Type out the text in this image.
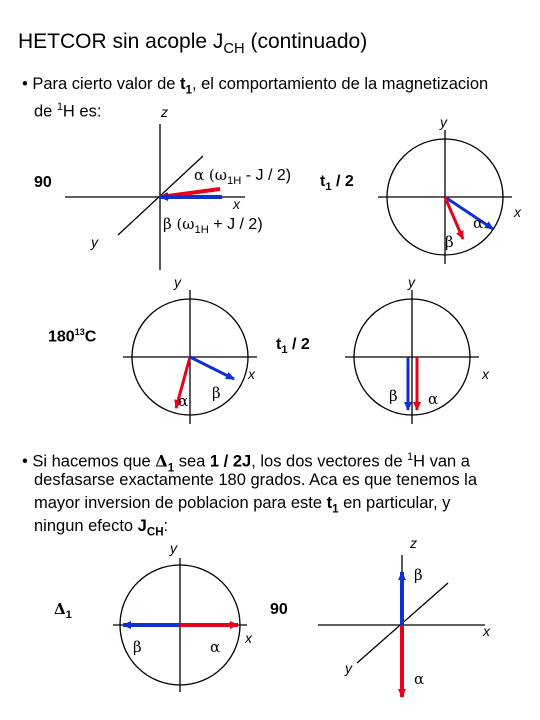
HETCOR sin acople $J_{CH}$ (continuado)
• Para cierto valor de $t_1$, el comportamiento de la magnetizacion
de $^1$H es:	z
x
y
90	α ($\omega_{1H}$ - J / 2)
β $(\omega_{1H} + J / 2)$
$t_1 / 2$
y
x
α
β
y
x
$180^{13}C$
α β
$t_1 / 2$
y
x
β α
• Si hacemos que $\Delta_1$ sea 1 / 2J, los dos vectores de $^1$H van a
desfasarse exactamente 180 grados. Aca es que tenemos la
mayor inversion de poblacion para este $t_1$ en particular, y
ningun efecto $J_{CH}$:
y
x
$\Delta_1$
β	α
90
z
x
y
β
α
